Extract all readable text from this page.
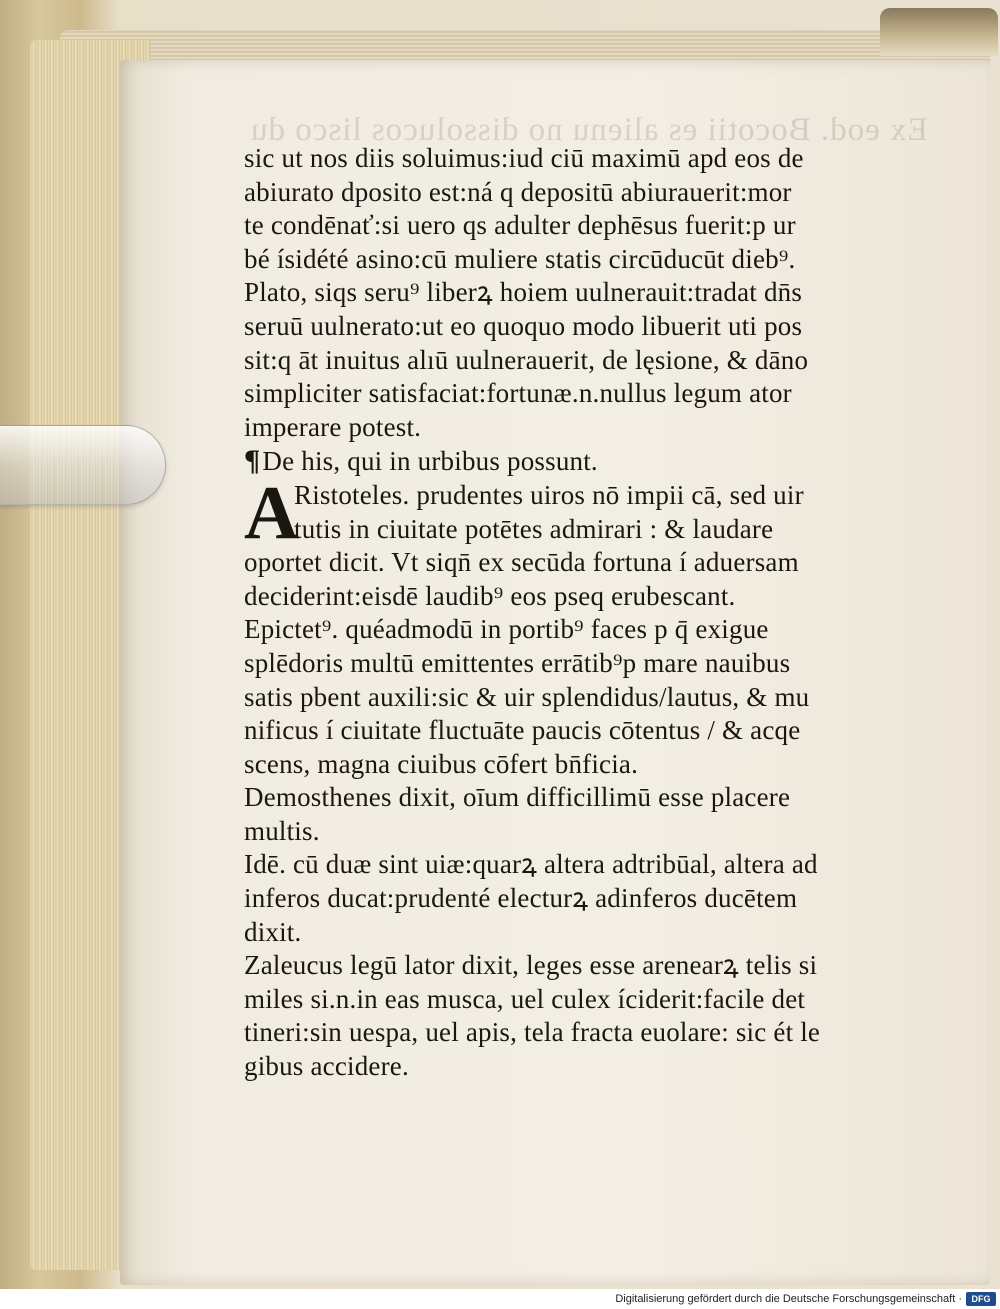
Ex eod. Bocotii es alienu no dissolucos lisco du
sic ut nos diis soluimus:iud ciū maximū apd eos de
abiurato dposito est:ná q depositū abiurauerit:mor
te condēnať:si uero qs adulter dephēsus fuerit:p ur
bé ísidété asino:cū muliere statis circūducūt dieb⁹.
Plato, siqs seru⁹ liberꝝ hoiem uulnerauit:tradat dn̄s
seruū uulnerato:ut eo quoquo modo libuerit uti pos
sit:q āt inuitus alıū uulnerauerit, de lęsione, & dāno
simpliciter satisfaciat:fortunæ.n.nullus legum ator
imperare potest.
¶De his, qui in urbibus possunt.
A
Ristoteles. prudentes uiros nō impii cā, sed uir
tutis in ciuitate potētes admirari : & laudare
oportet dicit. Vt siqn̄ ex secūda fortuna í aduersam
deciderint:eisdē laudib⁹ eos pseq erubescant.
Epictet⁹. quéadmodū in portib⁹ faces p q̄ exigue
splēdoris multū emittentes errātib⁹p mare nauibus
satis pbent auxili:sic & uir splendidus/lautus, & mu
nificus í ciuitate fluctuāte paucis cōtentus / & acqe
scens, magna ciuibus cōfert bn̄ficia.
Demosthenes dixit, oīum difficillimū esse placere
multis.
Idē. cū duæ sint uiæ:quarꝝ altera adtribūal, altera ad
inferos ducat:prudenté electurꝝ adinferos ducētem
dixit.
Zaleucus legū lator dixit, leges esse arenearꝝ telis si
miles si.n.in eas musca, uel culex íciderit:facile det
tineri:sin uespa, uel apis, tela fracta euolare: sic ét le
gibus accidere.
Digitalisierung gefördert durch die Deutsche Forschungsgemeinschaft ·	DFG
